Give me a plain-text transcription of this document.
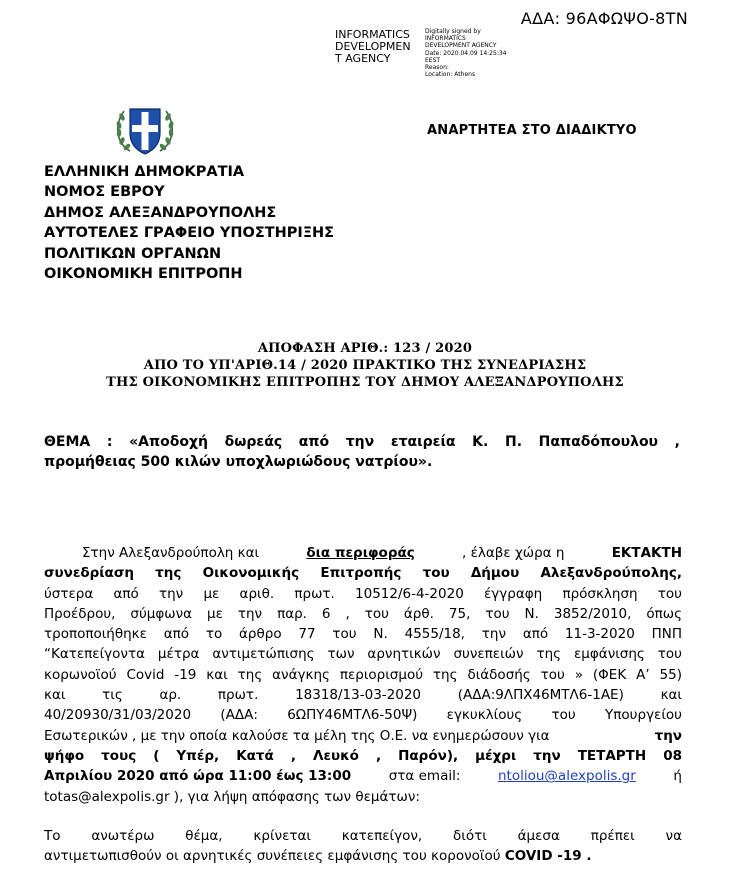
ΑΔΑ: 96ΑΦΩΨΟ-8ΤΝ
INFORMATICS
DEVELOPMEN
T AGENCY
Digitally signed by
INFORMATICS
DEVELOPMENT AGENCY
Date: 2020.04.09 14:25:34
EEST
Reason:
Location: Athens
ΑΝΑΡΤΗΤΕΑ ΣΤΟ ΔΙΑΔΙΚΤΥΟ
ΕΛΛΗΝΙΚΗ ΔΗΜΟΚΡΑΤΙΑ
ΝΟΜΟΣ ΕΒΡΟΥ
ΔΗΜΟΣ ΑΛΕΞΑΝΔΡΟΥΠΟΛΗΣ
ΑΥΤΟΤΕΛΕΣ ΓΡΑΦΕΙΟ ΥΠΟΣΤΗΡΙΞΗΣ
ΠΟΛΙΤΙΚΩΝ ΟΡΓΑΝΩΝ
ΟΙΚΟΝΟΜΙΚΗ ΕΠΙΤΡΟΠΗ
ΑΠΟΦΑΣΗ ΑΡΙΘ.: 123 / 2020
ΑΠΟ ΤΟ ΥΠ'ΑΡΙΘ.14 / 2020 ΠΡΑΚΤΙΚΟ ΤΗΣ ΣΥΝΕΔΡΙΑΣΗΣ
ΤΗΣ ΟΙΚΟΝΟΜΙΚΗΣ ΕΠΙΤΡΟΠΗΣ ΤΟΥ ΔΗΜΟΥ ΑΛΕΞΑΝΔΡΟΥΠΟΛΗΣ
ΘΕΜΑ : «Αποδοχή δωρεάς από την εταιρεία Κ. Π. Παπαδόπουλου ,
προμήθειας 500 κιλών υποχλωριώδους νατρίου».
Στην Αλεξανδρούπολη και	δια περιφοράς	, έλαβε χώρα η	ΕΚΤΑΚΤΗ
συνεδρίαση της Οικονομικής Επιτροπής του Δήμου Αλεξανδρούπολης,
ύστερα από την με αριθ. πρωτ. 10512/6-4-2020 έγγραφη πρόσκληση του
Προέδρου, σύμφωνα με την παρ. 6 , του άρθ. 75, του Ν. 3852/2010, όπως
τροποποιήθηκε από το άρθρο 77 του Ν. 4555/18, την από 11-3-2020 ΠΝΠ
“Κατεπείγοντα μέτρα αντιμετώπισης των αρνητικών συνεπειών της εμφάνισης του
κορωνοϊού Covid -19 και της ανάγκης περιορισμού της διάδοσής του » (ΦΕΚ Α’ 55)
και τις αρ. πρωτ. 18318/13-03-2020 (ΑΔΑ:9ΛΠΧ46ΜΤΛ6-1ΑΕ) και
40/20930/31/03/2020 (ΑΔΑ: 6ΩΠΥ46ΜΤΛ6-50Ψ) εγκυκλίους του Υπουργείου
Εσωτερικών , με την οποία καλούσε τα μέλη της Ο.Ε. να ενημερώσουν για	την
ψήφο τους ( Υπέρ, Κατά , Λευκό , Παρόν), μέχρι την ΤΕΤΑΡΤΗ 08
Απριλίου 2020 από ώρα 11:00 έως 13:00	στα email:	ntoliou@alexpolis.gr	ή
totas@alexpolis.gr ), για λήψη απόφασης των θεμάτων:
Το ανωτέρω θέμα, κρίνεται κατεπείγον, διότι άμεσα πρέπει να
αντιμετωπισθούν οι αρνητικές συνέπειες εμφάνισης του κορονοϊού COVID -19 .
